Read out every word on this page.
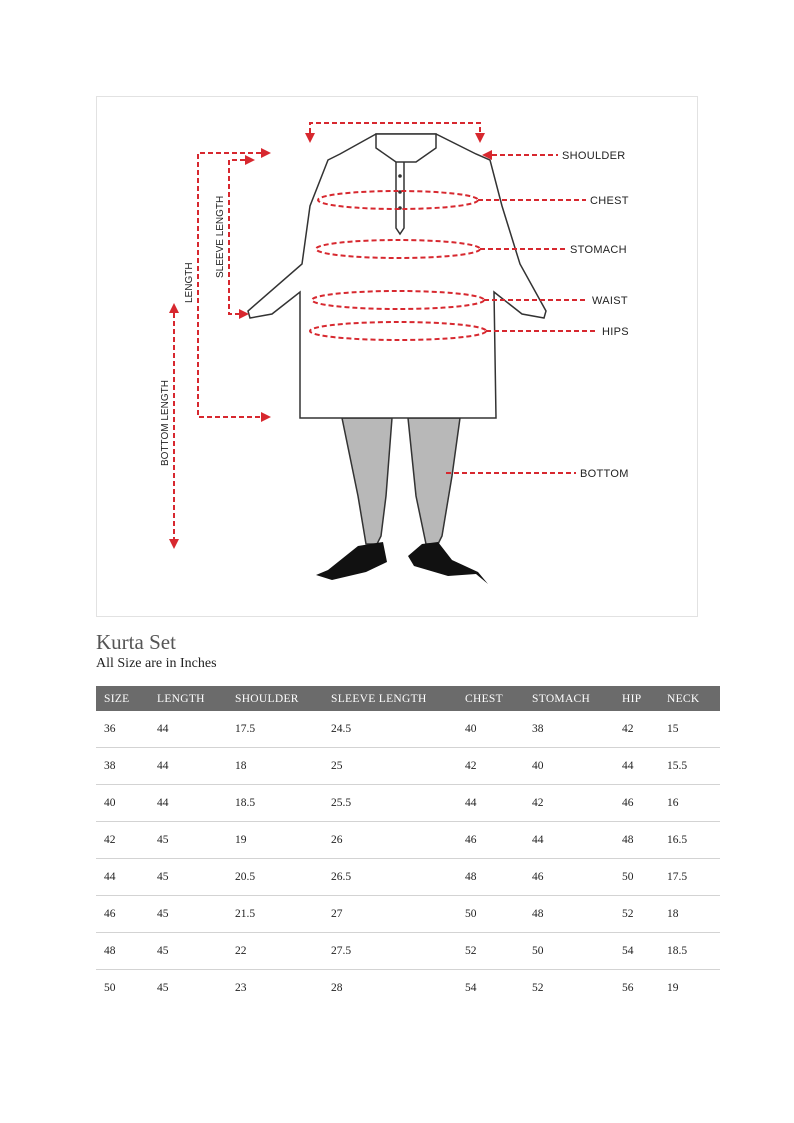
SHOULDER
CHEST
STOMACH
WAIST
HIPS
BOTTOM
SLEEVE LENGTH
LENGTH
BOTTOM LENGTH
Kurta Set

All Size are in Inches

SIZE	LENGTH	SHOULDER	SLEEVE LENGTH	CHEST	STOMACH	HIP	NECK
36	44	17.5	24.5	40	38	42	15
38	44	18	25	42	40	44	15.5
40	44	18.5	25.5	44	42	46	16
42	45	19	26	46	44	48	16.5
44	45	20.5	26.5	48	46	50	17.5
46	45	21.5	27	50	48	52	18
48	45	22	27.5	52	50	54	18.5
50	45	23	28	54	52	56	19
